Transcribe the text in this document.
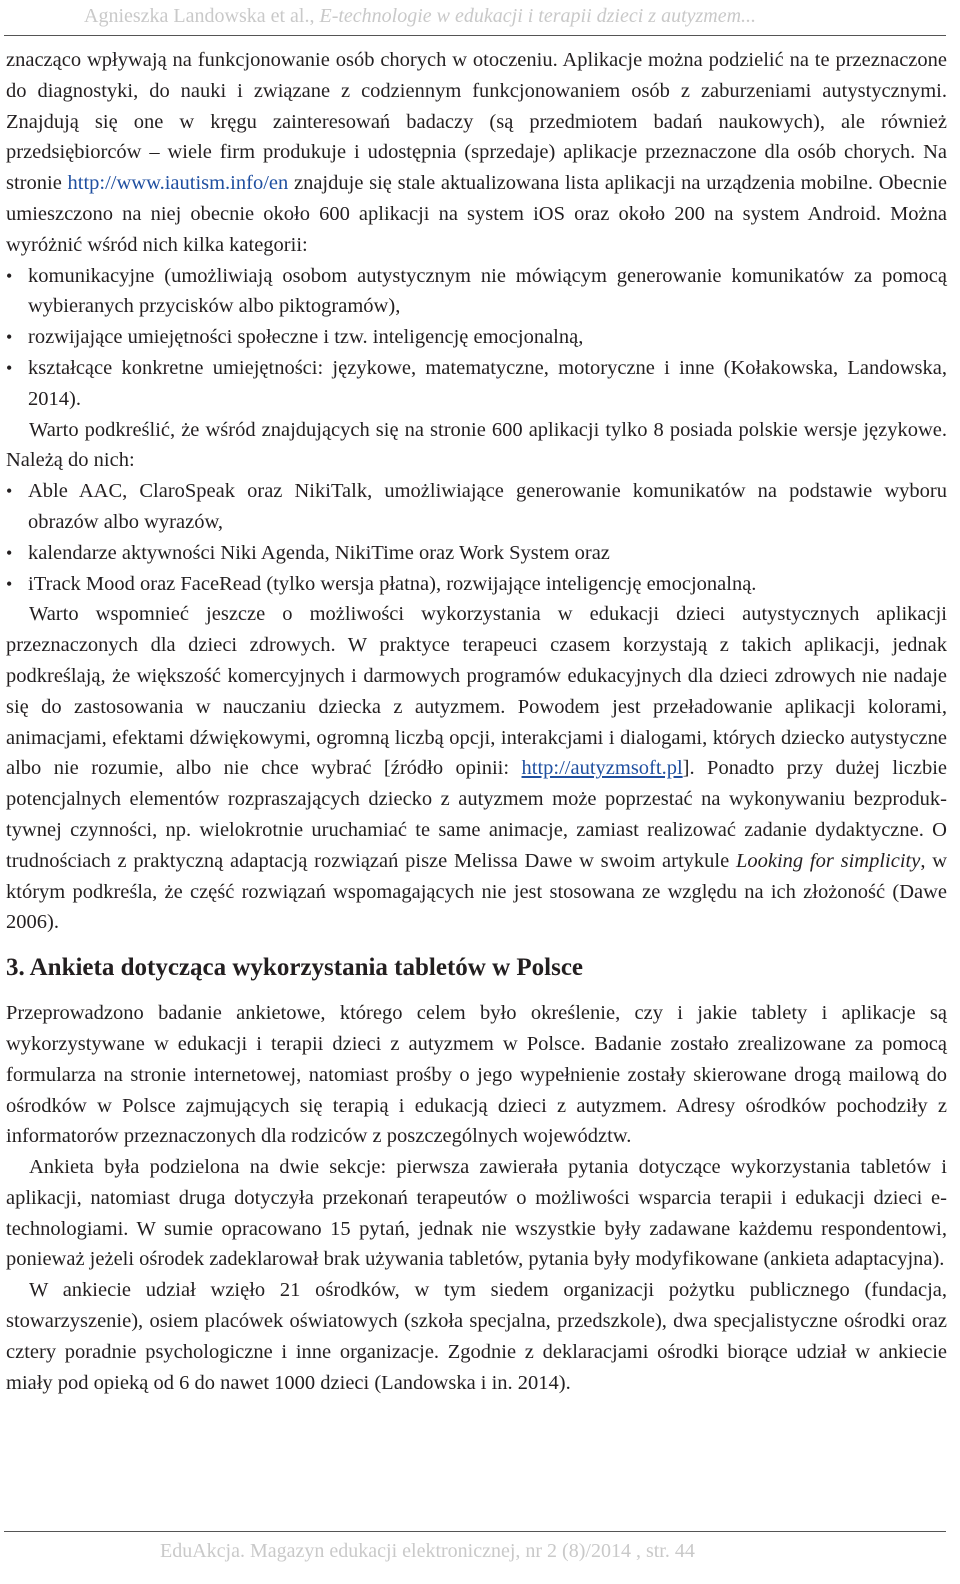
Agnieszka Landowska et al., E-technologie w edukacji i terapii dzieci z autyzmem...

znacząco wpływają na funkcjonowanie osób chorych w otoczeniu. Aplikacje można podzielić na te przeznaczone do diagnostyki, do nauki i związane z codziennym funkcjonowaniem osób z zaburzeniami autystycznymi. Znajdują się one w kręgu zainteresowań badaczy (są przedmiotem badań naukowych), ale również przedsiębiorców – wiele firm produkuje i udostępnia (sprzedaje) aplikacje przeznaczone dla osób chorych. Na stronie http://www.iautism.info/en znajduje się stale aktualizowana lista aplikacji na urządzenia mobilne. Obecnie umieszczono na niej obecnie około 600 aplikacji na system iOS oraz około 200 na system Android. Można wyróżnić wśród nich kilka kategorii:

• komunikacyjne (umożliwiają osobom autystycznym nie mówiącym generowanie komunikatów za pomocą wybieranych przycisków albo piktogramów),
• rozwijające umiejętności społeczne i tzw. inteligencję emocjonalną,
• kształcące konkretne umiejętności: językowe, matematyczne, motoryczne i inne (Kołakowska, Landowska, 2014).

Warto podkreślić, że wśród znajdujących się na stronie 600 aplikacji tylko 8 posiada polskie wersje językowe. Należą do nich:

• Able AAC, ClaroSpeak oraz NikiTalk, umożliwiające generowanie komunikatów na podstawie wyboru obrazów albo wyrazów,
• kalendarze aktywności Niki Agenda, NikiTime oraz Work System oraz
• iTrack Mood oraz FaceRead (tylko wersja płatna), rozwijające inteligencję emocjonalną.

Warto wspomnieć jeszcze o możliwości wykorzystania w edukacji dzieci autystycznych aplikacji przeznaczonych dla dzieci zdrowych. W praktyce terapeuci czasem korzystają z takich aplikacji, jednak podkreślają, że większość komercyjnych i darmowych programów edukacyjnych dla dzieci zdrowych nie nadaje się do zastosowania w nauczaniu dziecka z autyzmem. Powodem jest przeładowanie aplikacji kolorami, animacjami, efektami dźwiękowymi, ogromną liczbą opcji, interakcjami i dialogami, których dziecko autystyczne albo nie rozumie, albo nie chce wybrać [źródło opinii: http://autyzmsoft.pl]. Ponadto przy dużej liczbie potencjalnych elementów rozpraszających dziecko z autyzmem może poprzestać na wykonywaniu bezproduktywnej czynności, np. wielokrotnie uruchamiać te same animacje, zamiast realizować zadanie dydaktyczne. O trudnościach z praktyczną adaptacją rozwiązań pisze Melissa Dawe w swoim artykule Looking for simplicity, w którym podkreśla, że część rozwiązań wspomagających nie jest stosowana ze względu na ich złożoność (Dawe 2006).

3. Ankieta dotycząca wykorzystania tabletów w Polsce

Przeprowadzono badanie ankietowe, którego celem było określenie, czy i jakie tablety i aplikacje są wykorzystywane w edukacji i terapii dzieci z autyzmem w Polsce. Badanie zostało zrealizowane za pomocą formularza na stronie internetowej, natomiast prośby o jego wypełnienie zostały skierowane drogą mailową do ośrodków w Polsce zajmujących się terapią i edukacją dzieci z autyzmem. Adresy ośrodków pochodziły z informatorów przeznaczonych dla rodziców z poszczególnych województw.

Ankieta była podzielona na dwie sekcje: pierwsza zawierała pytania dotyczące wykorzystania tabletów i aplikacji, natomiast druga dotyczyła przekonań terapeutów o możliwości wsparcia terapii i edukacji dzieci e-technologiami. W sumie opracowano 15 pytań, jednak nie wszystkie były zadawane każdemu respondentowi, ponieważ jeżeli ośrodek zadeklarował brak używania tabletów, pytania były modyfikowane (ankieta adaptacyjna).

W ankiecie udział wzięło 21 ośrodków, w tym siedem organizacji pożytku publicznego (fundacja, stowarzyszenie), osiem placówek oświatowych (szkoła specjalna, przedszkole), dwa specjalistyczne ośrodki oraz cztery poradnie psychologiczne i inne organizacje. Zgodnie z deklaracjami ośrodki biorące udział w ankiecie miały pod opieką od 6 do nawet 1000 dzieci (Landowska i in. 2014).

EduAkcja. Magazyn edukacji elektronicznej, nr 2 (8)/2014 , str. 44
